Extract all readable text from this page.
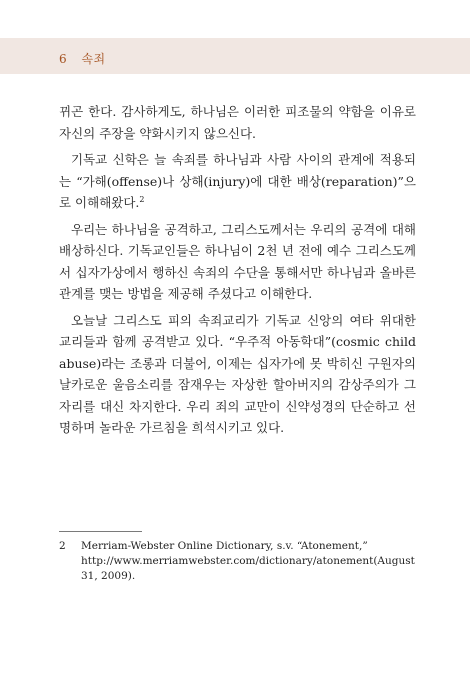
6 속죄

뀌곤 한다. 감사하게도, 하나님은 이러한 피조물의 약함을 이유로 자신의 주장을 약화시키지 않으신다.

기독교 신학은 늘 속죄를 하나님과 사람 사이의 관계에 적용되는 “가해(offense)나 상해(injury)에 대한 배상(reparation)”으로 이해해왔다.$^2$

우리는 하나님을 공격하고, 그리스도께서는 우리의 공격에 대해 배상하신다. 기독교인들은 하나님이 2천 년 전에 예수 그리스도께서 십자가상에서 행하신 속죄의 수단을 통해서만 하나님과 올바른 관계를 맺는 방법을 제공해 주셨다고 이해한다.

오늘날 그리스도 피의 속죄교리가 기독교 신앙의 여타 위대한 교리들과 함께 공격받고 있다. “우주적 아동학대”(cosmic child abuse)라는 조롱과 더불어, 이제는 십자가에 못 박히신 구원자의 날카로운 울음소리를 잠재우는 자상한 할아버지의 감상주의가 그 자리를 대신 차지한다. 우리 죄의 교만이 신약성경의 단순하고 선명하며 놀라운 가르침을 희석시키고 있다.

2 Merriam-Webster Online Dictionary, s.v. “Atonement,” http://www.merriamwebster.com/dictionary/atonement(August 31, 2009).
